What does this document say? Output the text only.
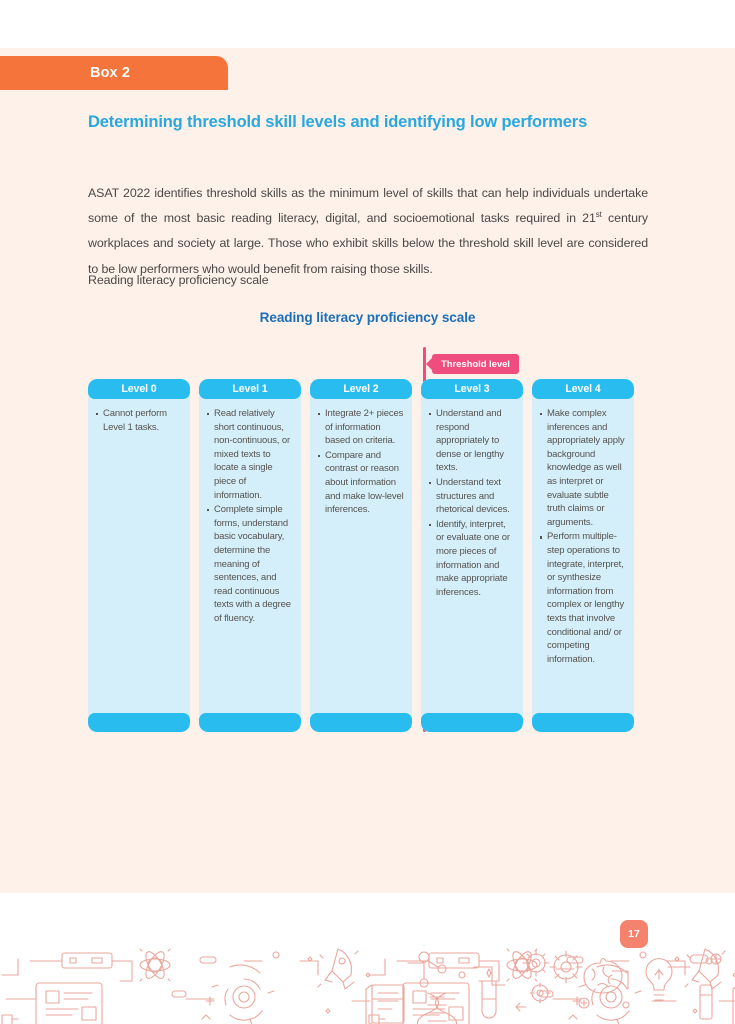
Box 2
Determining threshold skill levels and identifying low performers
ASAT 2022 identifies threshold skills as the minimum level of skills that can help individuals undertake some of the most basic reading literacy, digital, and socioemotional tasks required in 21st century workplaces and society at large. Those who exhibit skills below the threshold skill level are considered to be low performers who would benefit from raising those skills.
Reading literacy proficiency scale
Reading literacy proficiency scale
Threshold level
Level 0
Cannot perform Level 1 tasks.
Level 1
Read relatively short continuous, non-continuous, or mixed texts to locate a single piece of information.
Complete simple forms, understand basic vocabulary, determine the meaning of sentences, and read continuous texts with a degree of fluency.
Level 2
Integrate 2+ pieces of information based on criteria.
Compare and contrast or reason about information and make low-level inferences.
Level 3
Understand and respond appropriately to dense or lengthy texts.
Understand text structures and rhetorical devices.
Identify, interpret, or evaluate one or more pieces of information and make appropriate inferences.
Level 4
Make complex inferences and appropriately apply background knowledge as well as interpret or evaluate subtle truth claims or arguments.
Perform multiple-step operations to integrate, interpret, or synthesize information from complex or lengthy texts that involve conditional and/ or competing information.
17
